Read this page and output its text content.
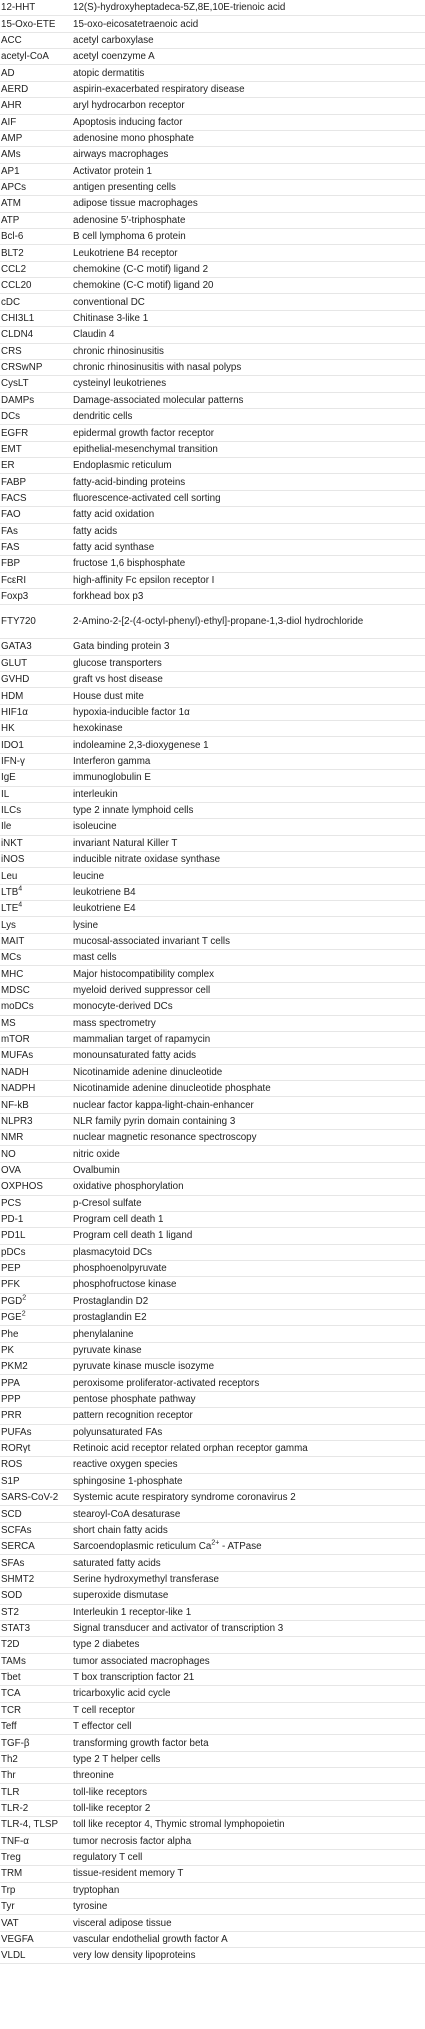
12-HHT	12(S)-hydroxyheptadeca-5Z,8E,10E-trienoic acid
15-Oxo-ETE	15-oxo-eicosatetraenoic acid
ACC	acetyl carboxylase
acetyl-CoA	acetyl coenzyme A
AD	atopic dermatitis
AERD	aspirin-exacerbated respiratory disease
AHR	aryl hydrocarbon receptor
AIF	Apoptosis inducing factor
AMP	adenosine mono phosphate
AMs	airways macrophages
AP1	Activator protein 1
APCs	antigen presenting cells
ATM	adipose tissue macrophages
ATP	adenosine 5′-triphosphate
Bcl-6	B cell lymphoma 6 protein
BLT2	Leukotriene B4 receptor
CCL2	chemokine (C-C motif) ligand 2
CCL20	chemokine (C-C motif) ligand 20
cDC	conventional DC
CHI3L1	Chitinase 3-like 1
CLDN4	Claudin 4
CRS	chronic rhinosinusitis
CRSwNP	chronic rhinosinusitis with nasal polyps
CysLT	cysteinyl leukotrienes
DAMPs	Damage-associated molecular patterns
DCs	dendritic cells
EGFR	epidermal growth factor receptor
EMT	epithelial-mesenchymal transition
ER	Endoplasmic reticulum
FABP	fatty-acid-binding proteins
FACS	fluorescence-activated cell sorting
FAO	fatty acid oxidation
FAs	fatty acids
FAS	fatty acid synthase
FBP	fructose 1,6 bisphosphate
FcεRI	high-affinity Fc epsilon receptor I
Foxp3	forkhead box p3
FTY720	2-Amino-2-[2-(4-octyl-phenyl)-ethyl]-propane-1,3-diol hydrochloride
GATA3	Gata binding protein 3
GLUT	glucose transporters
GVHD	graft vs host disease
HDM	House dust mite
HIF1α	hypoxia-inducible factor 1α
HK	hexokinase
IDO1	indoleamine 2,3-dioxygenese 1
IFN-γ	Interferon gamma
IgE	immunoglobulin E
IL	interleukin
ILCs	type 2 innate lymphoid cells
Ile	isoleucine
iNKT	invariant Natural Killer T
iNOS	inducible nitrate oxidase synthase
Leu	leucine
LTB$^4$	leukotriene B4
LTE$^4$	leukotriene E4
Lys	lysine
MAIT	mucosal-associated invariant T cells
MCs	mast cells
MHC	Major histocompatibility complex
MDSC	myeloid derived suppressor cell
moDCs	monocyte-derived DCs
MS	mass spectrometry
mTOR	mammalian target of rapamycin
MUFAs	monounsaturated fatty acids
NADH	Nicotinamide adenine dinucleotide
NADPH	Nicotinamide adenine dinucleotide phosphate
NF-kB	nuclear factor kappa-light-chain-enhancer
NLPR3	NLR family pyrin domain containing 3
NMR	nuclear magnetic resonance spectroscopy
NO	nitric oxide
OVA	Ovalbumin
OXPHOS	oxidative phosphorylation
PCS	p-Cresol sulfate
PD-1	Program cell death 1
PD1L	Program cell death 1 ligand
pDCs	plasmacytoid DCs
PEP	phosphoenolpyruvate
PFK	phosphofructose kinase
PGD$^2$	Prostaglandin D2
PGE$^2$	prostaglandin E2
Phe	phenylalanine
PK	pyruvate kinase
PKM2	pyruvate kinase muscle isozyme
PPA	peroxisome proliferator-activated receptors
PPP	pentose phosphate pathway
PRR	pattern recognition receptor
PUFAs	polyunsaturated FAs
RORγt	Retinoic acid receptor related orphan receptor gamma
ROS	reactive oxygen species
S1P	sphingosine 1-phosphate
SARS-CoV-2	Systemic acute respiratory syndrome coronavirus 2
SCD	stearoyl-CoA desaturase
SCFAs	short chain fatty acids
SERCA	Sarcoendoplasmic reticulum $Ca^{2+}$ - ATPase
SFAs	saturated fatty acids
SHMT2	Serine hydroxymethyl transferase
SOD	superoxide dismutase
ST2	Interleukin 1 receptor-like 1
STAT3	Signal transducer and activator of transcription 3
T2D	type 2 diabetes
TAMs	tumor associated macrophages
Tbet	T box transcription factor 21
TCA	tricarboxylic acid cycle
TCR	T cell receptor
Teff	T effector cell
TGF-β	transforming growth factor beta
Th2	type 2 T helper cells
Thr	threonine
TLR	toll-like receptors
TLR-2	toll-like receptor 2
TLR-4, TLSP	toll like receptor 4, Thymic stromal lymphopoietin
TNF-α	tumor necrosis factor alpha
Treg	regulatory T cell
TRM	tissue-resident memory T
Trp	tryptophan
Tyr	tyrosine
VAT	visceral adipose tissue
VEGFA	vascular endothelial growth factor A
VLDL	very low density lipoproteins
